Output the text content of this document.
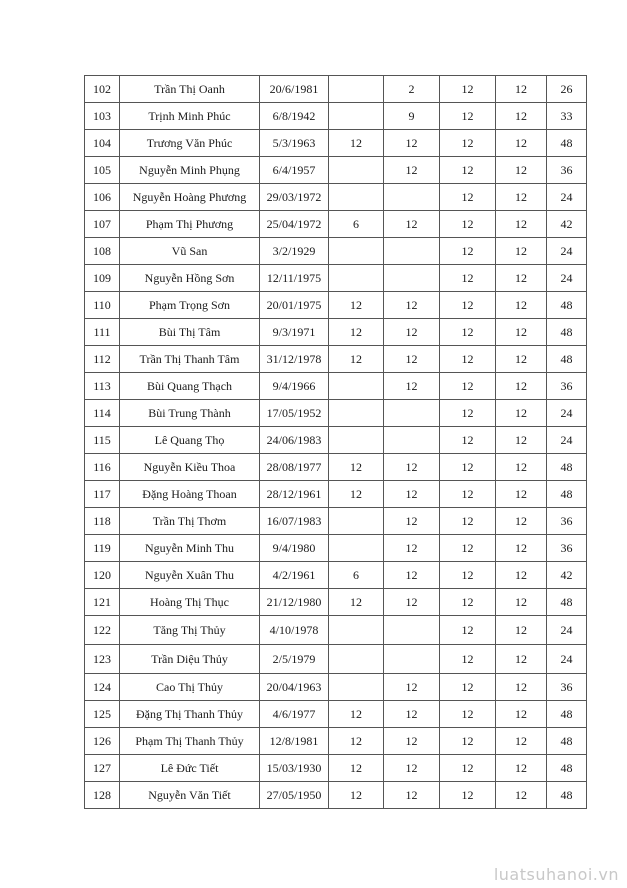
102	Trần Thị Oanh	20/6/1981		2	12	12	26
103	Trịnh Minh Phúc	6/8/1942		9	12	12	33
104	Trương Văn Phúc	5/3/1963	12	12	12	12	48
105	Nguyễn Minh Phụng	6/4/1957		12	12	12	36
106	Nguyễn Hoàng Phương	29/03/1972			12	12	24
107	Phạm Thị Phương	25/04/1972	6	12	12	12	42
108	Vũ San	3/2/1929			12	12	24
109	Nguyễn Hồng Sơn	12/11/1975			12	12	24
110	Phạm Trọng Sơn	20/01/1975	12	12	12	12	48
111	Bùi Thị Tâm	9/3/1971	12	12	12	12	48
112	Trần Thị Thanh Tâm	31/12/1978	12	12	12	12	48
113	Bùi Quang Thạch	9/4/1966		12	12	12	36
114	Bùi Trung Thành	17/05/1952			12	12	24
115	Lê Quang Thọ	24/06/1983			12	12	24
116	Nguyễn Kiều Thoa	28/08/1977	12	12	12	12	48
117	Đặng Hoàng Thoan	28/12/1961	12	12	12	12	48
118	Trần Thị Thơm	16/07/1983		12	12	12	36
119	Nguyễn Minh Thu	9/4/1980		12	12	12	36
120	Nguyễn Xuân Thu	4/2/1961	6	12	12	12	42
121	Hoàng Thị Thục	21/12/1980	12	12	12	12	48
122	Tăng Thị Thủy	4/10/1978			12	12	24
123	Trần Diệu Thủy	2/5/1979			12	12	24
124	Cao Thị Thủy	20/04/1963		12	12	12	36
125	Đặng Thị Thanh Thủy	4/6/1977	12	12	12	12	48
126	Phạm Thị Thanh Thủy	12/8/1981	12	12	12	12	48
127	Lê Đức Tiết	15/03/1930	12	12	12	12	48
128	Nguyễn Văn Tiết	27/05/1950	12	12	12	12	48
luatsuhanoi.vn
